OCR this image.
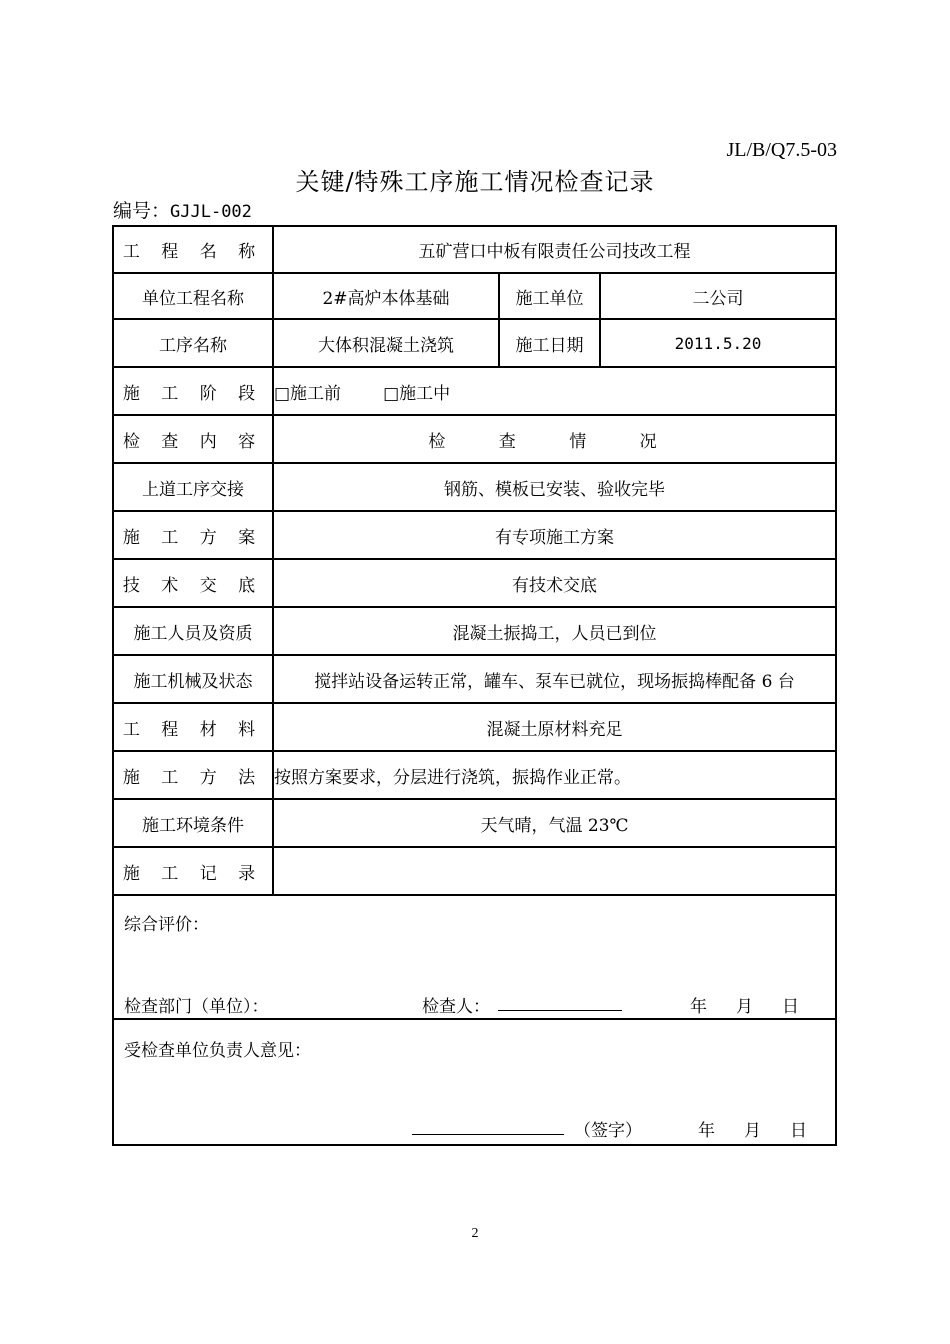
JL/B/Q7.5-03
关键/特殊工序施工情况检查记录
编号：GJJL-002
工 程 名 称	五矿营口中板有限责任公司技改工程		
单位工程名称	2#高炉本体基础	施工单位	二公司
工序名称	大体积混凝土浇筑	施工日期	2011.5.20
施 工 阶 段	□施工前 □施工中		
检 查 内 容	检 查 情 况		
上道工序交接	钢筋、模板已安装、验收完毕		
施 工 方 案	有专项施工方案		
技 术 交 底	有技术交底		
施工人员及资质	混凝土振捣工，人员已到位		
施工机械及状态	搅拌站设备运转正常，罐车、泵车已就位，现场振捣棒配备 6 台		
工 程 材 料	混凝土原材料充足		
施 工 方 法	按照方案要求，分层进行浇筑，振捣作业正常。		
施工环境条件	天气晴，气温 23℃		
施 工 记 录			

综合评价：
检查部门（单位）： 检查人： 年　月　日			

受检查单位负责人意见：
（签字） 年　月　日			
2
